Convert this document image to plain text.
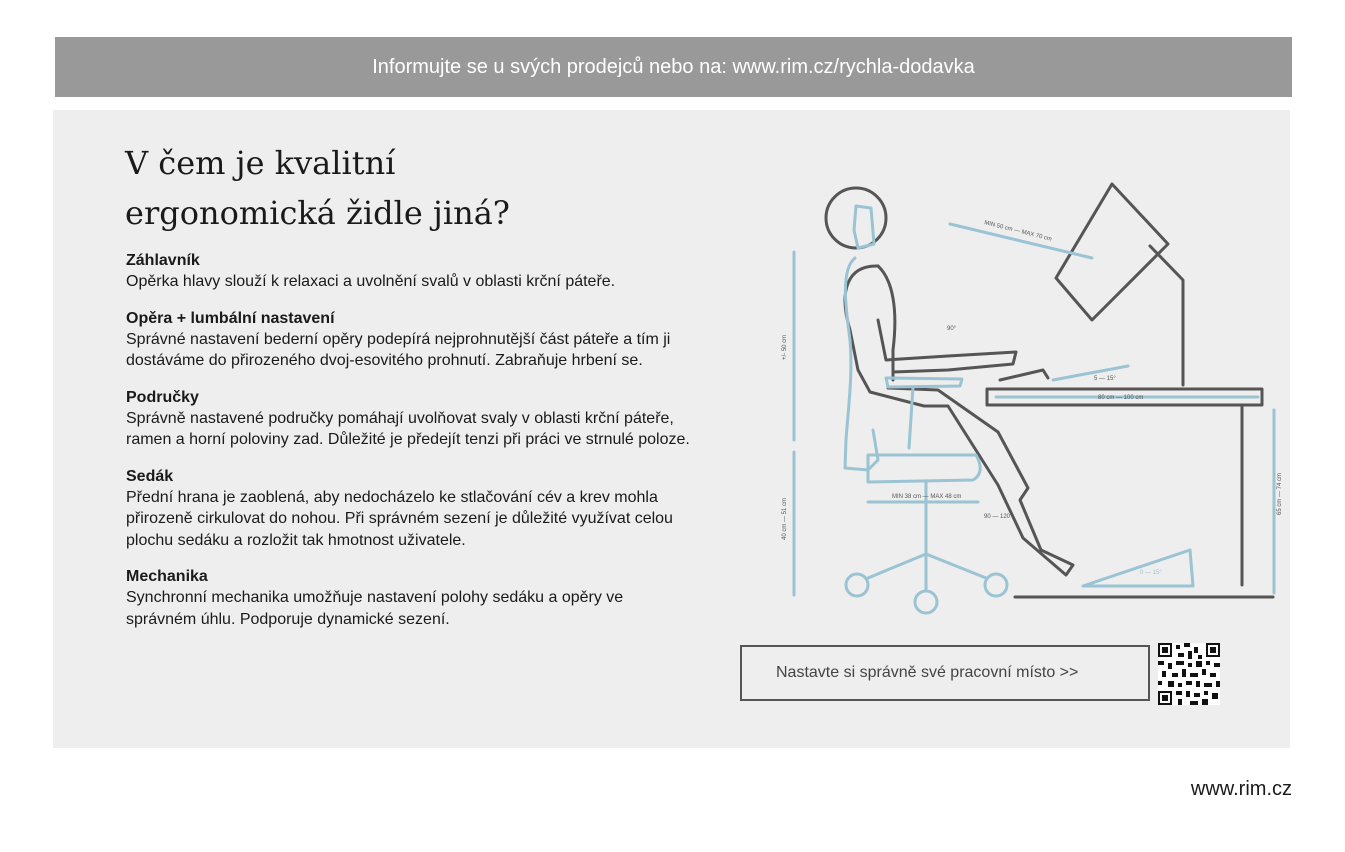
Informujte se u svých prodejců nebo na: www.rim.cz/rychla-dodavka
V čem je kvalitní
ergonomická židle jiná?
Záhlavník

Opěrka hlavy slouží k relaxaci a uvolnění svalů v oblasti krční páteře.

Opěra + lumbální nastavení

Správné nastavení bederní opěry podepírá nejprohnutější část páteře a tím ji dostáváme do přirozeného dvoj-esovitého prohnutí. Zabraňuje hrbení se.

Područky

Správně nastavené područky pomáhají uvolňovat svaly v oblasti krční páteře, ramen a horní poloviny zad. Důležité je předejít tenzi při práci ve strnulé poloze.

Sedák

Přední hrana je zaoblená, aby nedocházelo ke stlačování cév a krev mohla přirozeně cirkulovat do nohou. Při správném sezení je důležité využívat celou plochu sedáku a rozložit tak hmotnost uživatele.

Mechanika

Synchronní mechanika umožňuje nastavení polohy sedáku a opěry ve správném úhlu. Podporuje dynamické sezení.

MIN 50 cm — MAX 70 cm
90°
5 — 15°
80 cm — 100 cm
+/- 50 cm
MIN 38 cm — MAX 48 cm
90 — 120°
40 cm — 51 cm
65 cm — 74 cm
0 — 15°
Nastavte si správně své pracovní místo >>
www.rim.cz
